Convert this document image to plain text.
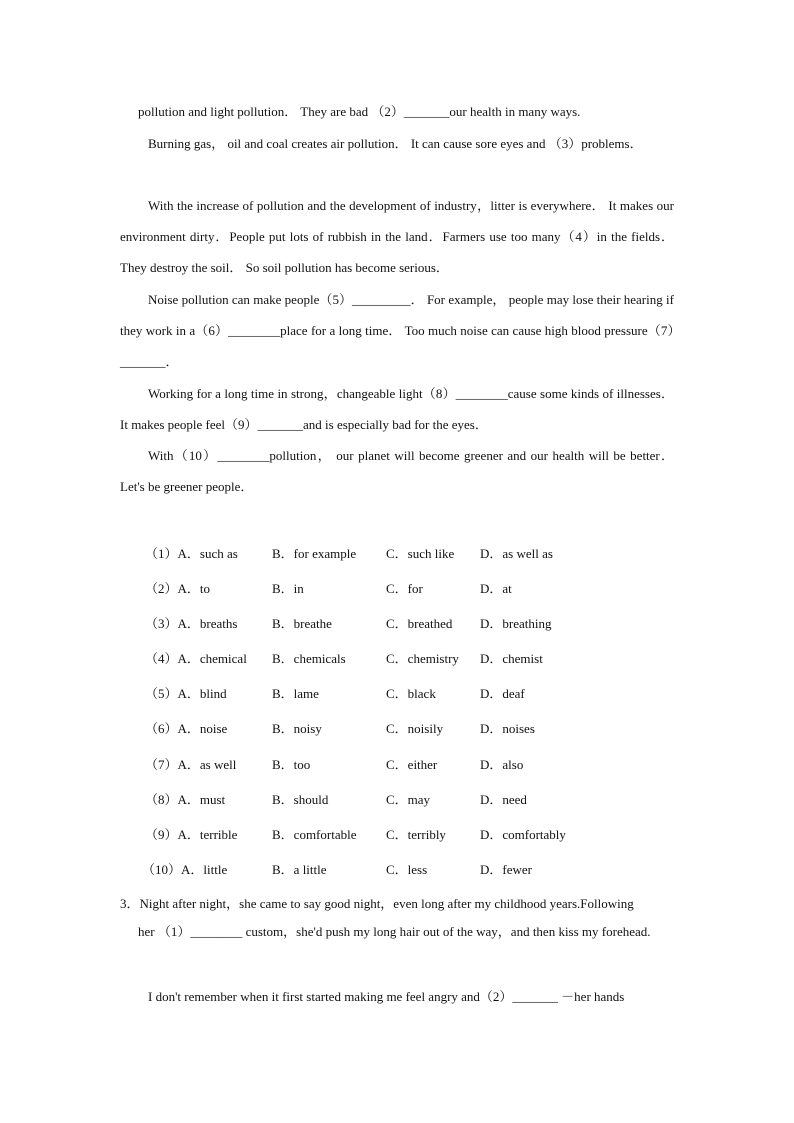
pollution and light pollution． They are bad （2）_______our health in many ways.

Burning gas， oil and coal creates air pollution． It can cause sore eyes and （3）problems．

With the increase of pollution and the development of industry，litter is everywhere． It makes our environment dirty．People put lots of rubbish in the land．Farmers use too many（4）in the fields． They destroy the soil． So soil pollution has become serious．

Noise pollution can make people（5）_________． For example， people may lose their hearing if they work in a（6）________place for a long time． Too much noise can cause high blood pressure（7）_______．

Working for a long time in strong，changeable light（8）________cause some kinds of illnesses．It makes people feel（9）_______and is especially bad for the eyes．

With（10）________pollution， our planet will become greener and our health will be better．Let's be greener people．

（1）A．such as	B．for example C．such like D．as well as
（2）A．to	B．in	C．for	D．at
（3）A．breaths	B．breathe	C．breathed D．breathing
（4）A．chemical B．chemicals	C．chemistry D．chemist
（5）A．blind	B．lame	C．black	D．deaf
（6）A．noise	B．noisy	C．noisily	D．noises
（7）A．as well	B．too	C．either	D．also
（8）A．must	B．should	C．may	D．need
（9）A．terrible	B．comfortable C．terribly	D．comfortably
（10）A．little	B．a little	C．less	D．fewer
3．Night after night，she came to say good night，even long after my childhood years.Following

her （1）________ custom，she'd push my long hair out of the way，and then kiss my forehead.

I don't remember when it first started making me feel angry and（2）_______ －her hands
